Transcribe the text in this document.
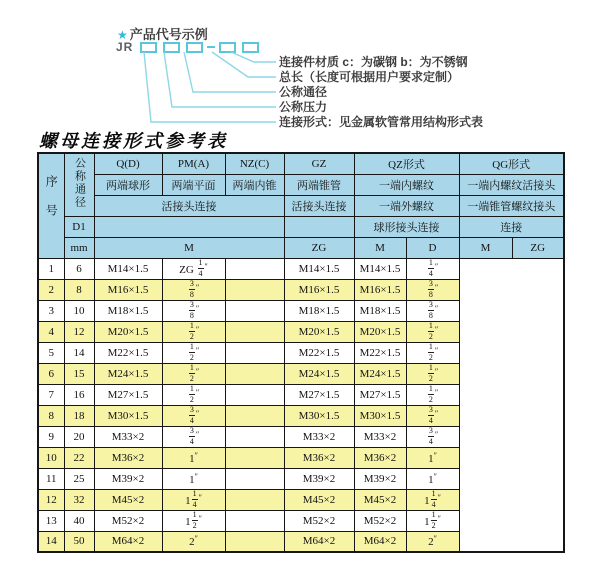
★ 产品代号示例
JR
连接件材质 c：为碳钢 b：为不锈钢
总长（长度可根据用户要求定制）
公称通径
公称压力
连接形式：见金属软管常用结构形式表
螺母连接形式参考表
序号	公称通径	Q(D)	PM(A)	NZ(C)	GZ	QZ形式		QG形式	
		两端球形	两端平面	两端内锥	两端锥管	一端内螺纹		一端内螺纹活接头	
		活接头连接			活接头连接	一端外螺纹		一端锥管螺纹接头	
	D1					球形接头连接		连接	
	mm	M			ZG	M	D	M	ZG
1	6	M14×1.5	ZG $\frac{1}{4} ''$		M14×1.5	M14×1.5	$\frac{1}{4} ''$
2	8	M16×1.5	$\frac{3}{8} ''$		M16×1.5	M16×1.5	$\frac{3}{8} ''$
3	10	M18×1.5	$\frac{3}{8} ''$		M18×1.5	M18×1.5	$\frac{3}{8} ''$
4	12	M20×1.5	$\frac{1}{2} ''$		M20×1.5	M20×1.5	$\frac{1}{2} ''$
5	14	M22×1.5	$\frac{1}{2} ''$		M22×1.5	M22×1.5	$\frac{1}{2} ''$
6	15	M24×1.5	$\frac{1}{2} ''$		M24×1.5	M24×1.5	$\frac{1}{2} ''$
7	16	M27×1.5	$\frac{1}{2} ''$		M27×1.5	M27×1.5	$\frac{1}{2} ''$
8	18	M30×1.5	$\frac{3}{4} ''$		M30×1.5	M30×1.5	$\frac{3}{4} ''$
9	20	M33×2	$\frac{3}{4} ''$		M33×2	M33×2	$\frac{3}{4} ''$
10	22	M36×2	1″		M36×2	M36×2	1″
11	25	M39×2	1″		M39×2	M39×2	1″
12	32	M45×2	$1 \frac{1}{4} ''$		M45×2	M45×2	$1 \frac{1}{4} ''$
13	40	M52×2	$1 \frac{1}{2} ''$		M52×2	M52×2	$1 \frac{1}{2} ''$
14	50	M64×2	2″		M64×2	M64×2	2″
